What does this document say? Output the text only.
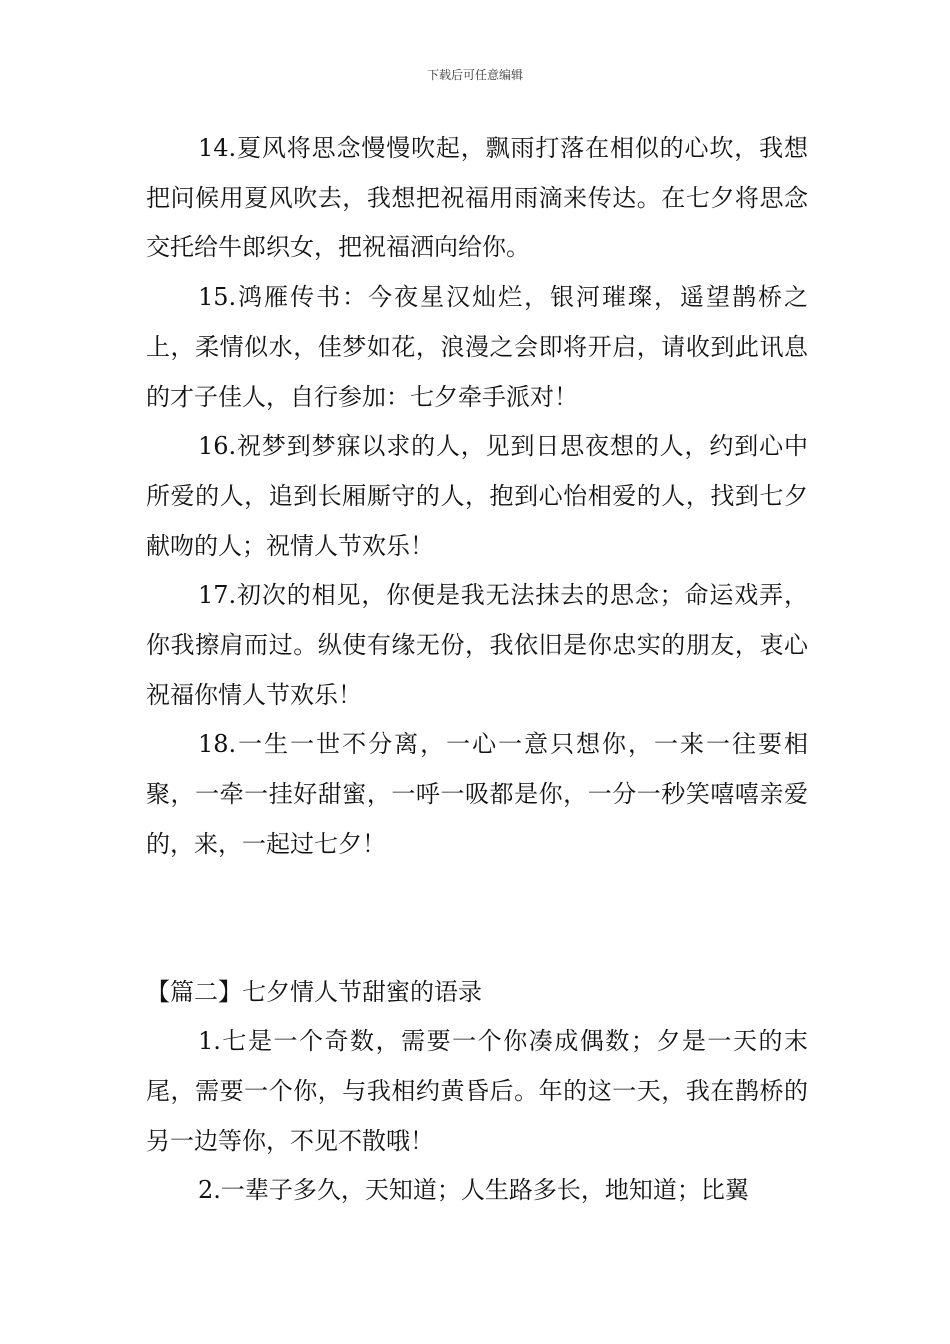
下载后可任意编辑

14.夏风将思念慢慢吹起，飘雨打落在相似的心坎，我想把问候用夏风吹去，我想把祝福用雨滴来传达。在七夕将思念交托给牛郎织女，把祝福洒向给你。

15.鸿雁传书：今夜星汉灿烂，银河璀璨，遥望鹊桥之上，柔情似水，佳梦如花，浪漫之会即将开启，请收到此讯息的才子佳人，自行参加：七夕牵手派对！

16.祝梦到梦寐以求的人，见到日思夜想的人，约到心中所爱的人，追到长厢厮守的人，抱到心怡相爱的人，找到七夕献吻的人；祝情人节欢乐！

17.初次的相见，你便是我无法抹去的思念；命运戏弄，你我擦肩而过。纵使有缘无份，我依旧是你忠实的朋友，衷心祝福你情人节欢乐！

18.一生一世不分离，一心一意只想你，一来一往要相聚，一牵一挂好甜蜜，一呼一吸都是你，一分一秒笑嘻嘻亲爱的，来，一起过七夕！

【篇二】七夕情人节甜蜜的语录

1.七是一个奇数，需要一个你凑成偶数；夕是一天的末尾，需要一个你，与我相约黄昏后。年的这一天，我在鹊桥的另一边等你，不见不散哦！

2.一辈子多久，天知道；人生路多长，地知道；比翼
